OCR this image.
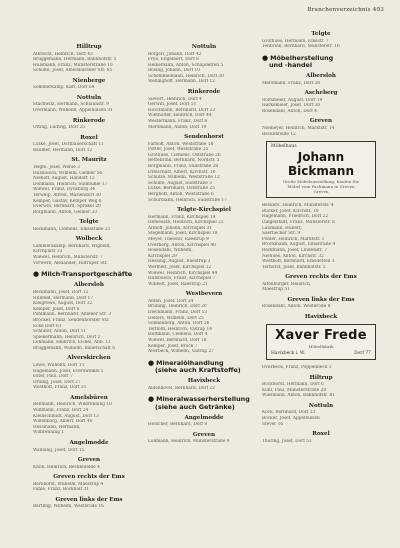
Branchenverzeichnis 403
Hilltrup
Albrecht, Heinrich, Dorf 43
Brüggemann, Hermann, Bahnhofstr. 5
Hülsmann, Franz, Münsterstraße 10
Schulte, Josef, Amelsbürener Str. 85
Nienberge
Sommerkamp, Karl, Dorf 64
Nottuln
Stachwitz, Hermann, Schlaunstr. 9
Overmann, Wilhelm, Appelhülsen 31
Rinkerode
Otting, Ludwig, Dorf 25
Roxel
Lütke, Josef, Dorfbauerschaft 11
Bäumer, Hermann, Dorf 12
St. Mauritz
Telgte, Josef, Werse 3
Hülsbusch, Wilhelm, Gelmer 56
Niehoff, August, Handorf 12
Dohmann, Heinrich, Sudmühle 17
Wiewel, Franz, Dyckburg 34
Terwelp, Alfred, Mariendorf 30
Kemper, Gustav, Kemper Weg 8
Everwin, Bernhard, Sprakel 20
Borgmann, Anton, Gelmer 33
Telgte
Reckmann, Clemens, Emsstraße 21
Wolbeck
Lammerskamp, Bernhard, Wigbold,
Kirchplatz 33
Wiewel, Heinrich, Münsterstr. 7
Vorwerk, Alexander, Hiltruper Str.
● Milch-Transportgeschäfte
Albersloh
Beckmann, Josef, Dorf 12
Hunfeld, Hermann, Dorf 17
Kleigrewe, August, Dorf 32
Kemper, Josef, Dorf 6
Pohlmann, Bernhard, Ahlener Str. 3
Bröcker, Franz, Sendenhorster Str.
Ecke Dorf 61
Schlüter, Anton, Dorf 11
Spiekermann, Heinrich, Dorf 2
Lohmann, Heinrich, Eickel, Abb. 11
Brüggemann, Wilhelm, Bauerschaft 6
Alverskirchen
Lewe, Wilhelm, Dorf 11
Hagemann, Josef, Everswinkel 5
Ester, Paul, Dorf 7
Drüing, Josef, Dorf 27
Westhoff, Franz, Dorf 31
Amelsbüren
Bellmann, Heinrich, Wilbrenning 10
Willmann, Franz, Dorf 24
Kleinschmidt, August, Dorf 13
Willenborg, Albert, Dorf 40
Hessmann, Hermann,
Wilbrenning 1
Angelmodde
Wanning, Josef, Dorf 15
Greven
Knoll, Heinrich, Reckenfelde 4
Greven rechts der Ems
Bernhorst, Wilhelm, Maestrup 4
Fahle, Franz, Bockholt 31
Greven links der Ems
Bertling, Wilhelm, Westerode 16
Nottuln
Rotgeri, Johann, Dorf 42
Frye, Engelbert, Dorf 8
Heinemann, Anton, Schapdetten 5
Bösing, Johann, Dorf 10
Schemmelmann, Heinrich, Dorf 30
Wellinghoff, Hermann, Dorf 12
Rinkerode
Sievert, Heinrich, Dorf 4
Gerwin, Josef, Dorf 51
Horstmann, Bernhard, Dorf 22
Wiethölter, Heinrich, Dorf 44
Westermann, Franz, Dorf 8
Mersmann, Anton, Dorf 19
Sendenhorst
Farhoff, Anton, Weststraße 18
Pötter, Josef, Weststraße 25
Grothues, Clemens, Oststraße 26
Bettebrink, Bernhard, Nordstr. 5
Borgmann, Franz, Südstraße 28
Dreischärf, Albert, Kirchstr. 10
Schulze, Wilhelm, Weststraße 12
Schulte, August, Südstraße 3
Lütke, Bernhard, Oststraße 25
Berghoff, Anton, Weststraße 6
Schürmann, Heinrich, Südstraße 17
Telgte-Kirchspiel
Hermann, Franz, Kirchspiel 14
Hemesath, Heinrich, Kirchspiel 22
Althoff, Johann, Kirchspiel 31
Stegemann, Josef, Kirchspiel 18
Meyer, Theodor, Raestrup 9
Overberg, Anton, Kirchspiel 40
Rosendahl, Wilhelm,
Kirchspiel 29
Hessing, August, Raestrup 3
Wermelt, Josef, Kirchspiel 12
Wiewel, Heinrich, Kirchspiel 44
Hülsbusch, Franz, Kirchspiel 7
Wibbelt, Josef, Raestrup 21
Westbevern
Anton, Josef, Dorf 24
Brüning, Heinrich, Dorf 20
Dieckmann, Franz, Dorf 13
Deiters, Wilhelm, Dorf 25
Sonnenberg, Anton, Dorf 36
Terfloth, Heinrich, Vadrup 14
Holtmann, Clemens, Dorf 4
Wiewel, Bernhard, Dorf 18
Kemper, Josef, Brock 7
Averbeck, Wilhelm, Vadrup 27
● Mineralölhandlung
(siehe auch Kraftstoffe)
Havixbeck
Aldenhövel, Bernhard, Dorf 22
● Mineralwasserherstellung
(siehe auch Getränke)
Angelmodde
Hölscher, Bernhard, Dorf 8
Greven
Lohmann, Heinrich, Münsterstraße 9
Telgte
Grothues, Hermann, Emsstr. 7
Tenbrink, Bernhard, Münsterstr. 16
● Möbelherstellung
und -handel
Albersloh
Mersmann, Franz, Dorf 38
Ascheberg
Rolfsmeier, August, Dorf 19
Harkemeier, Josef, Dorf 30
Rosendahl, Anton, Dorf 4
Greven
Niemeyer, Heinrich, Marktstr. 14
Reckenfelde 12
Möbelhaus
Johann Bickmann
Große Möbelausstellung, Kaufen Sie
Möbel vom Fachmann in Greven
Greven
Beckers, Heinrich, Münsterstr. 4
Bücker, Josef, Kirchstr. 10
Hagemann, Friedrich, Dorf 22
Dingelstadt, Franz, Münsterstr. 8
Laumann, Hubert,
Saerbecker Str. 9
Pöhler, Heinrich, Marktstr. 1
Brockmann, August, Emsstraße 4
Reckmann, Josef, Lindenstr. 7
Niehues, Anton, Kirchstr. 32
Westhoff, Bernhard, Emsdetten 3
Terhörst, Josef, Bahnhofstr. 5
Greven rechts der Ems
Altenbürger, Heinrich,
Maestrup 51
Greven links der Ems
Rosendahl, Anton, Westerode 8
Havixbeck
Xaver Frede
Möbelfabrik
Havixbeck i. W.	Dorf 77
Overbeck, Franz, Poppenbeck 1
Hiltrup
Bockhorst, Hermann, Dorf 6
Kuhl, Paul, Münsterstraße 28
Wiesmann, Anton, Bahnhofstr. 81
Nottuln
Kock, Bernhard, Dorf 23
Böcker, Josef, Appelhülsen
Stever 16
Roxel
Thoring, Josef, Dorf 53
